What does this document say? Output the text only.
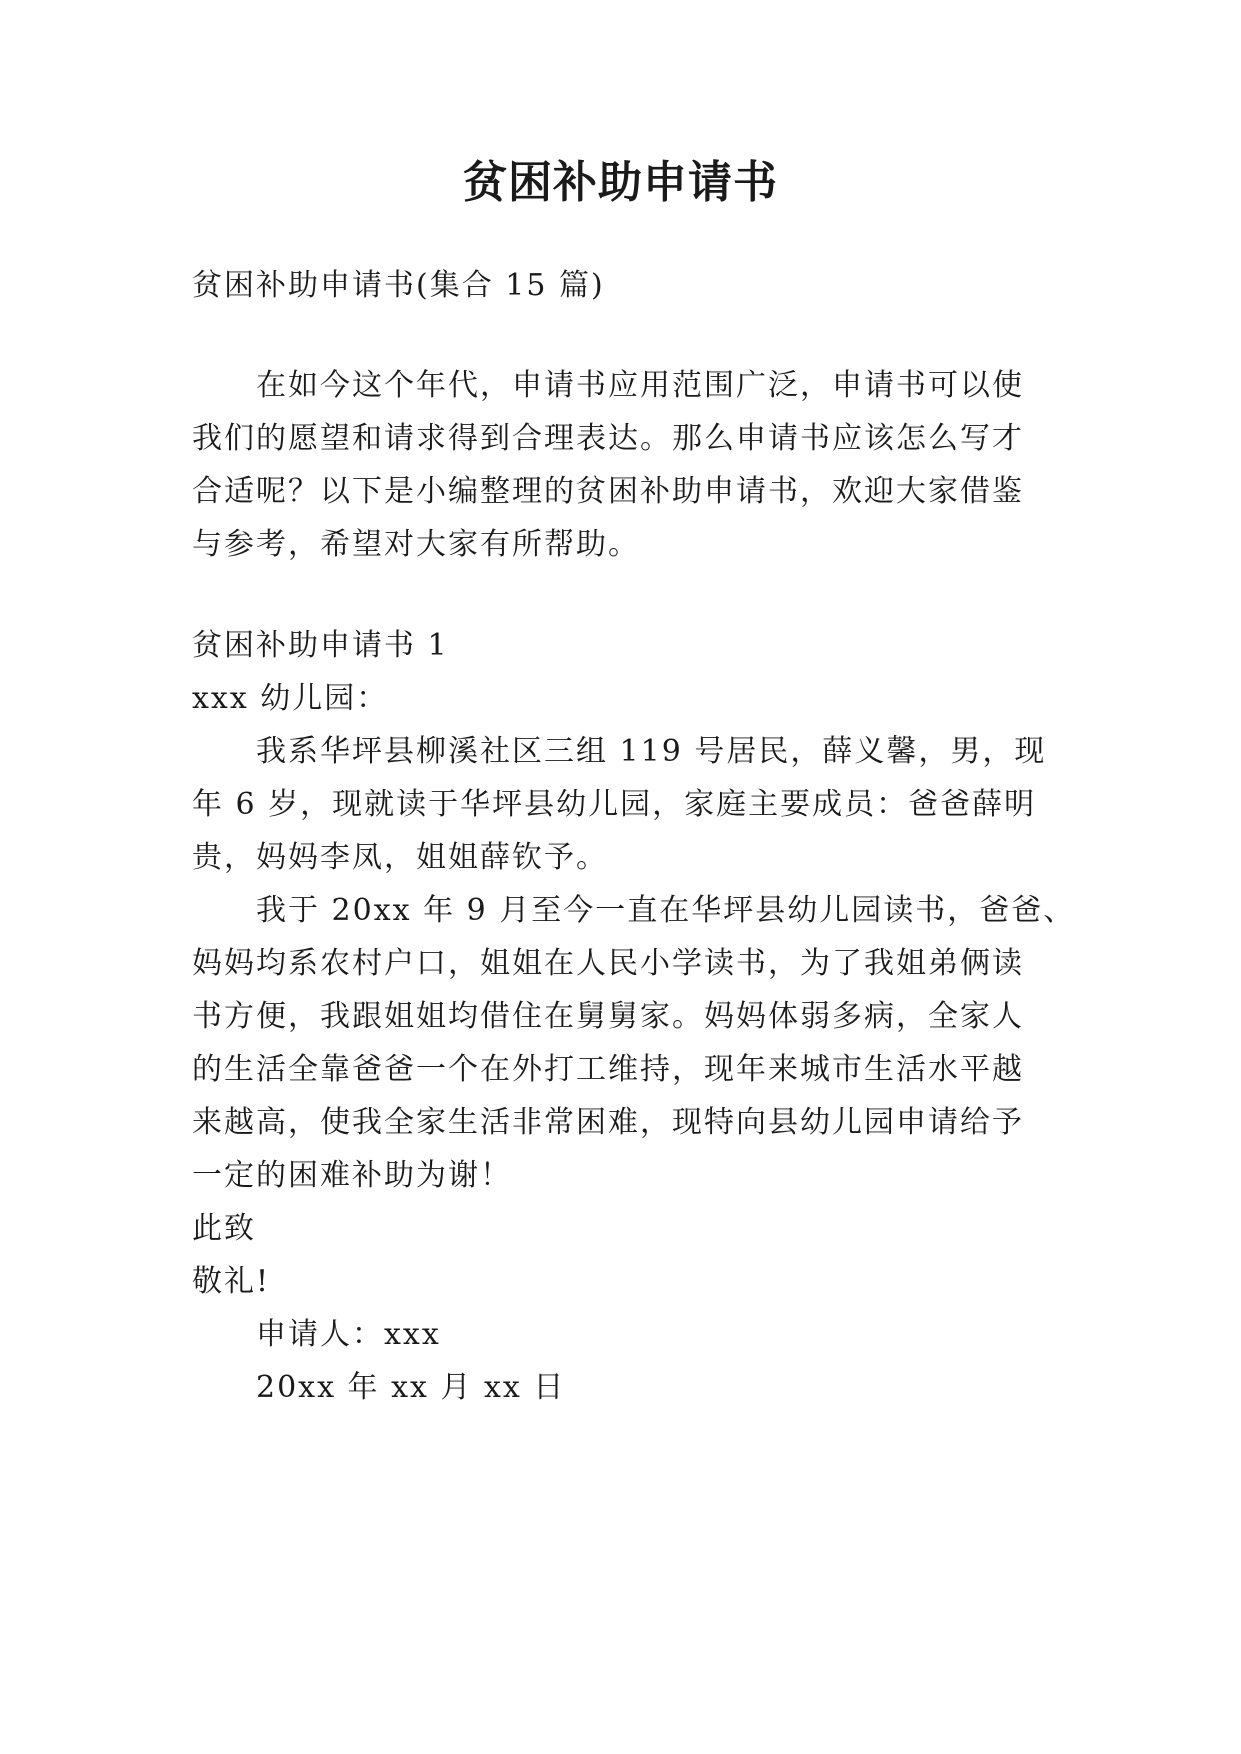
贫困补助申请书
贫困补助申请书(集合 15 篇)
在如今这个年代，申请书应用范围广泛，申请书可以使
我们的愿望和请求得到合理表达。那么申请书应该怎么写才
合适呢？以下是小编整理的贫困补助申请书，欢迎大家借鉴
与参考，希望对大家有所帮助。
贫困补助申请书 1
xxx 幼儿园：
我系华坪县柳溪社区三组 119 号居民，薛义馨，男，现
年 6 岁，现就读于华坪县幼儿园，家庭主要成员：爸爸薛明
贵，妈妈李凤，姐姐薛钦予。
我于 20xx 年 9 月至今一直在华坪县幼儿园读书，爸爸、
妈妈均系农村户口，姐姐在人民小学读书，为了我姐弟俩读
书方便，我跟姐姐均借住在舅舅家。妈妈体弱多病，全家人
的生活全靠爸爸一个在外打工维持，现年来城市生活水平越
来越高，使我全家生活非常困难，现特向县幼儿园申请给予
一定的困难补助为谢！
此致
敬礼!
申请人：xxx
20xx 年 xx 月 xx 日
